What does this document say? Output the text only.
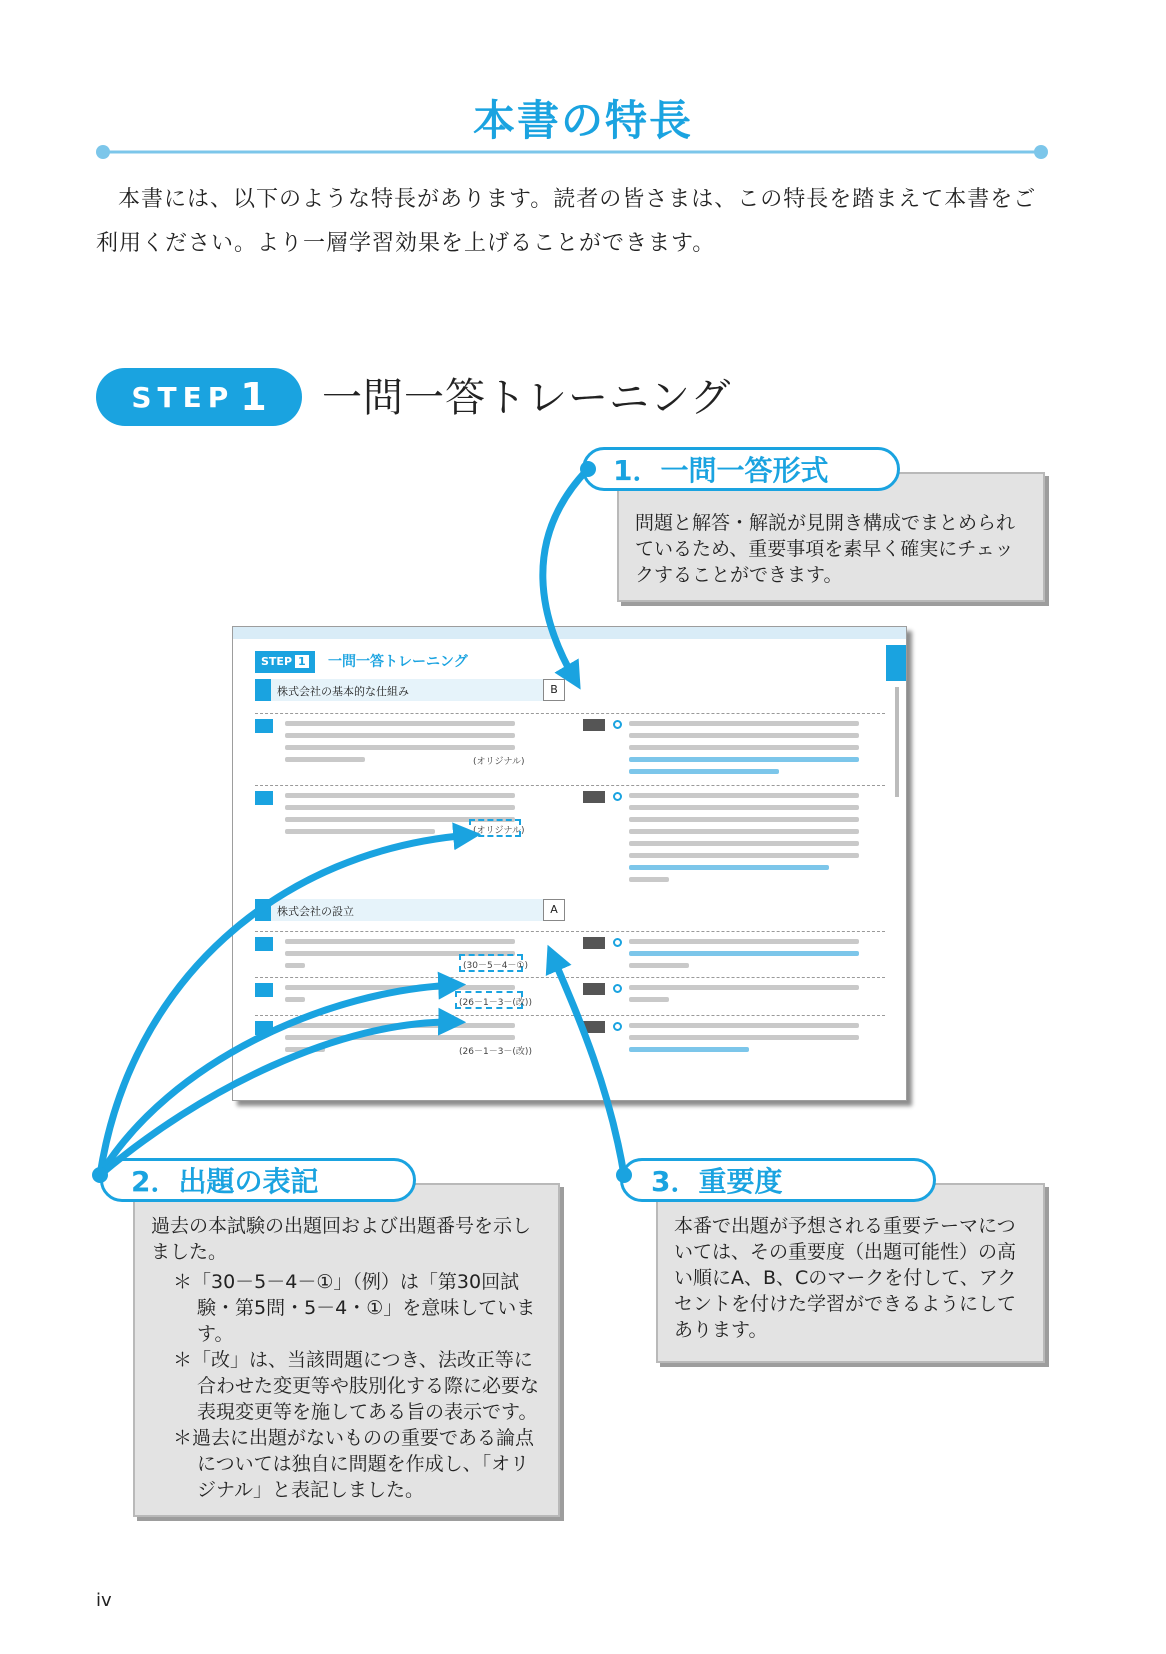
本書の特長

本書には、以下のような特長があります。読者の皆さまは、この特長を踏まえて本書をご利用ください。より一層学習効果を上げることができます。

STEP 1 一問一答トレーニング
STEP 1	一問一答トレーニング
株式会社の基本的な仕組み	B
(オリジナル)
(オリジナル)
株式会社の設立	A
(30－5－4－①)
(26－1－3－(改))
(26－1－3－(改))
問題と解答・解説が見開き構成でまとめられているため、重要事項を素早く確実にチェックすることができます。
1．一問一答形式
過去の本試験の出題回および出題番号を示しました。
＊「30－5－4－①」（例）は「第30回試験・第5問・5－4・①」を意味しています。
＊「改」は、当該問題につき、法改正等に合わせた変更等や肢別化する際に必要な表現変更等を施してある旨の表示です。
＊過去に出題がないものの重要である論点については独自に問題を作成し、「オリジナル」と表記しました。
2．出題の表記
本番で出題が予想される重要テーマについては、その重要度（出題可能性）の高い順にA、B、Cのマークを付して、アクセントを付けた学習ができるようにしてあります。
3．重要度
iv
